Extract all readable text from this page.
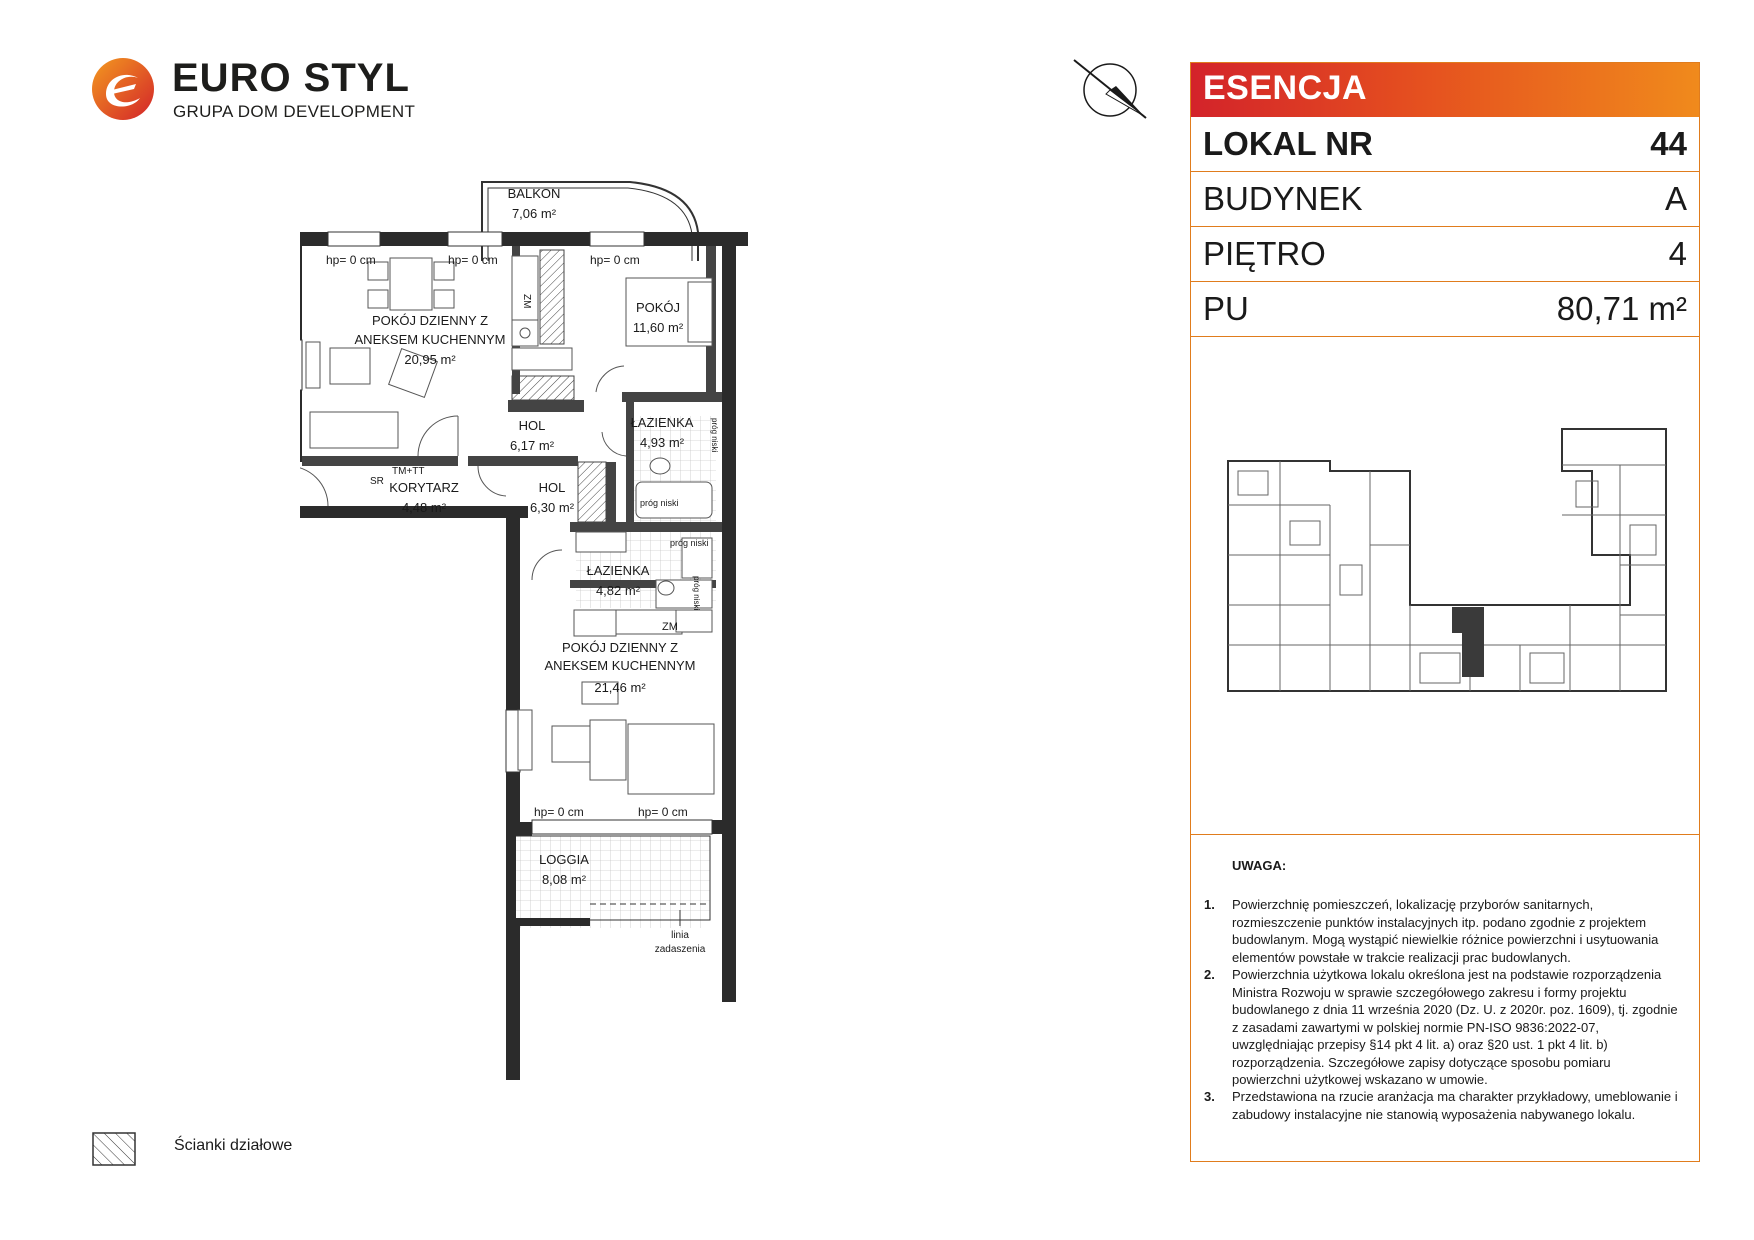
EURO STYL
GRUPA DOM DEVELOPMENT
BALKON
7,06 m²
POKÓJ DZIENNY Z
ANEKSEM KUCHENNYM
20,95 m²
POKÓJ
11,60 m²
HOL
6,17 m²
ŁAZIENKA
4,93 m²
KORYTARZ
4,48 m²
HOL
6,30 m²
ŁAZIENKA
4,82 m²
POKÓJ DZIENNY Z
ANEKSEM KUCHENNYM
21,46 m²
LOGGIA
8,08 m²
hp= 0 cm	hp= 0 cm	hp= 0 cm
hp= 0 cm	hp= 0 cm
ZM
ZM
próg niski
próg niski
próg niski
próg niski
SR
TM+TT
linia
zadaszenia
Ścianki działowe
ESENCJA
LOKAL NR	44
BUDYNEK	A
PIĘTRO	4
PU	80,71 m²
UWAGA:
1. Powierzchnię pomieszczeń, lokalizację przyborów sanitarnych, rozmieszczenie punktów instalacyjnych itp. podano zgodnie z projektem budowlanym. Mogą wystąpić niewielkie różnice powierzchni i usytuowania elementów powstałe w trakcie realizacji prac budowlanych.
2. Powierzchnia użytkowa lokalu określona jest na podstawie rozporządzenia Ministra Rozwoju w sprawie szczegółowego zakresu i formy projektu budowlanego z dnia 11 września 2020 (Dz. U. z 2020r. poz. 1609), tj. zgodnie z zasadami zawartymi w polskiej normie PN-ISO 9836:2022-07, uwzględniając przepisy §14 pkt 4 lit. a) oraz §20 ust. 1 pkt 4 lit. b) rozporządzenia. Szczegółowe zapisy dotyczące sposobu pomiaru powierzchni użytkowej wskazano w umowie.
3. Przedstawiona na rzucie aranżacja ma charakter przykładowy, umeblowanie i zabudowy instalacyjne nie stanowią wyposażenia nabywanego lokalu.
